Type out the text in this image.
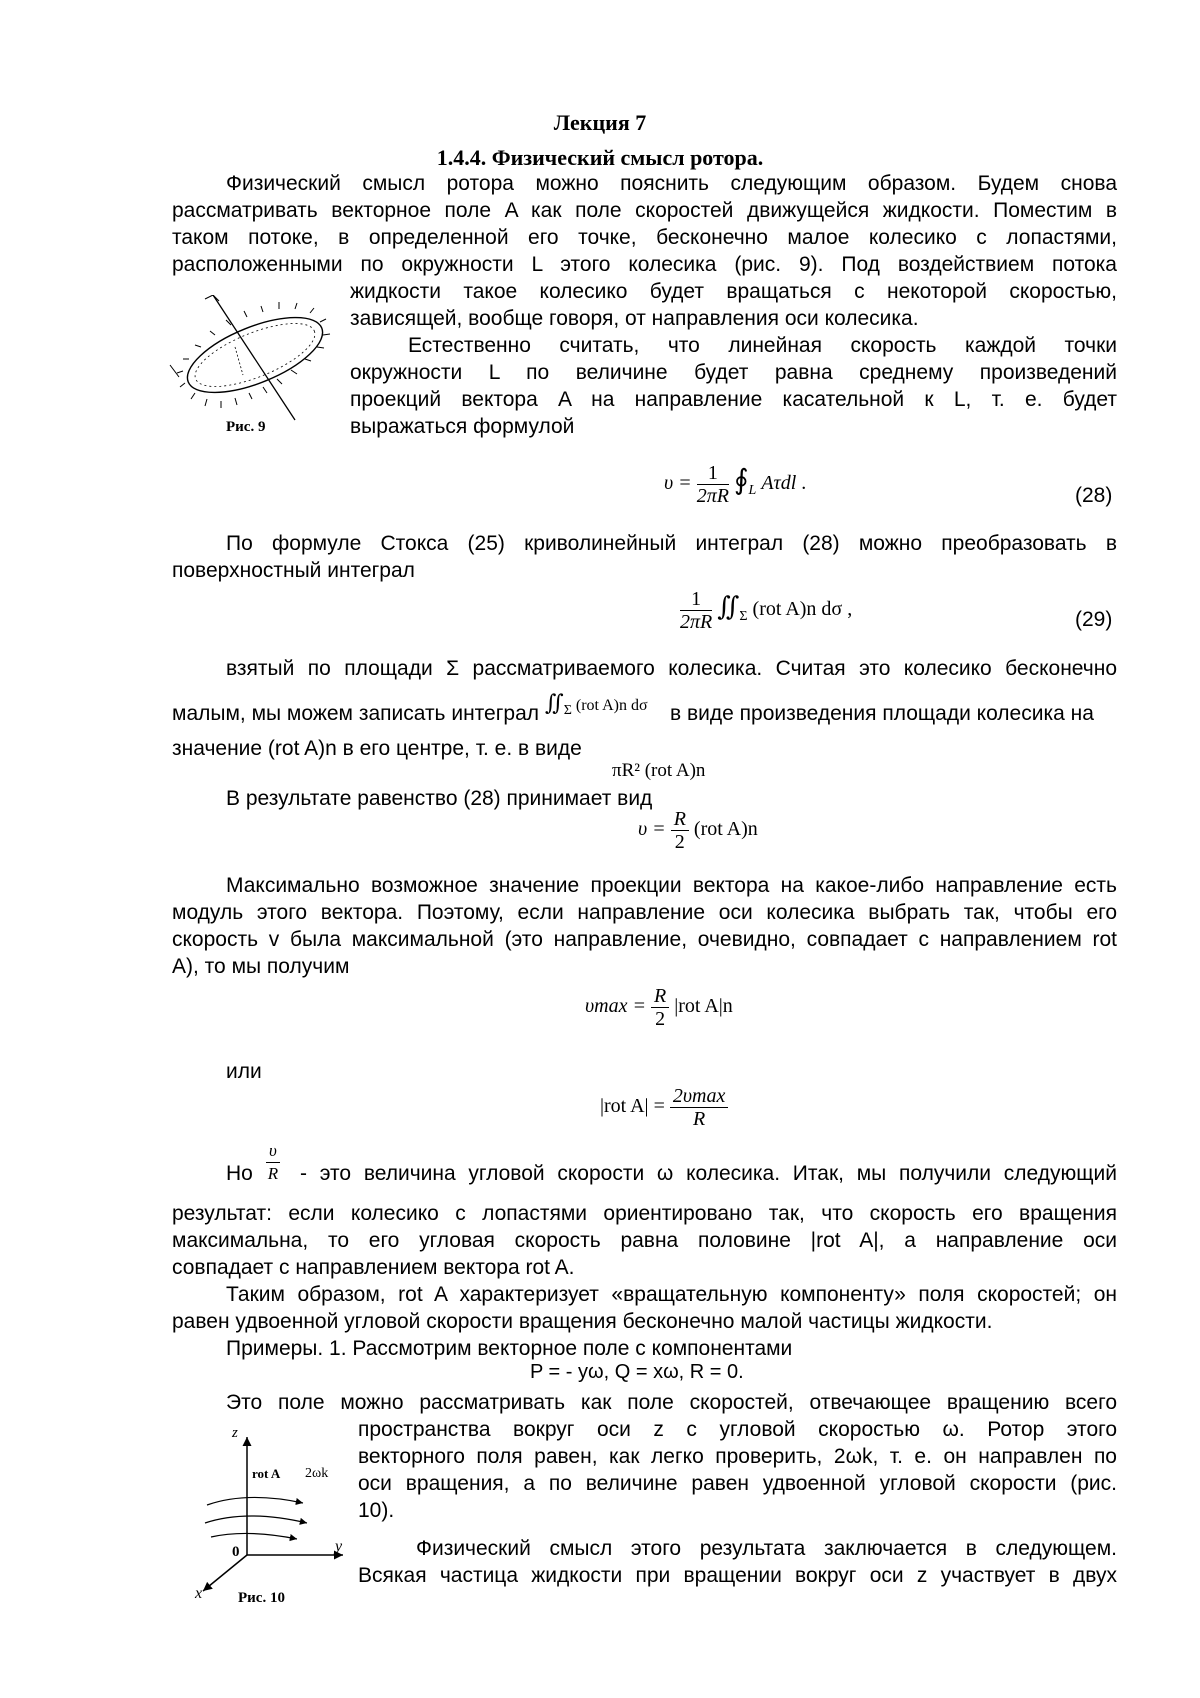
Лекция 7
1.4.4. Физический смысл ротора.
Физический смысл ротора можно пояснить следующим образом. Будем снова
рассматривать векторное поле A как поле скоростей движущейся жидкости. Поместим в
таком потоке, в определенной его точке, бесконечно малое колесико с лопастями,
расположенными по окружности L этого колесика (рис. 9). Под воздействием потока
жидкости такое колесико будет вращаться с некоторой скоростью,
зависящей, вообще говоря, от направления оси колесика.
Рис. 9
Естественно считать, что линейная скорость каждой точки
окружности L по величине будет равна среднему произведений
проекций вектора A на направление касательной к L, т. е. будет
выражаться формулой
$\upsilon = \frac{1}{2\pi R}$ $∮_L$ Aτdl .
(28)
По формуле Стокса (25) криволинейный интеграл (28) можно преобразовать в
поверхностный интеграл
$\frac{1}{2\pi R}$ $∬_\Sigma$ (rot A)n dσ ,	(29)
взятый по площади Σ рассматриваемого колесика. Считая это колесико бесконечно
малым, мы можем записать интеграл $∬_\Sigma$ (rot A)n dσ в виде произведения площади колесика на
значение (rot A)n в его центре, т. е. в виде
πR² (rot A)n
В результате равенство (28) принимает вид
$\upsilon = \frac{R}{2} (rot$ A)n
Максимально возможное значение проекции вектора на какое-либо направление есть
модуль этого вектора. Поэтому, если направление оси колесика выбрать так, чтобы его
скорость v была максимальной (это направление, очевидно, совпадает с направлением rot
A), то мы получим
$\upsilon\max = \frac{R}{2} |rot$ A|n
или
|rot $A| = \frac{2\upsilon\max}{R}$
Но $\frac{\upsilon}{R}$ - это величина угловой скорости ω колесика. Итак, мы получили следующий
результат: если колесико с лопастями ориентировано так, что скорость его вращения
максимальна, то его угловая скорость равна половине |rot A|, а направление оси
совпадает с направлением вектора rot A.
Таким образом, rot A характеризует «вращательную компоненту» поля скоростей; он
равен удвоенной угловой скорости вращения бесконечно малой частицы жидкости.
Примеры. 1. Рассмотрим векторное поле с компонентами
P = - yω, Q = xω, R = 0.
Это поле можно рассматривать как поле скоростей, отвечающее вращению всего
пространства вокруг оси z с угловой скоростью ω. Ротор этого
векторного поля равен, как легко проверить, 2ωk, т. е. он направлен по
оси вращения, а по величине равен удвоенной угловой скорости (рис.
10).
z
y
x
0
rot A 2ωk
Рис. 10
Физический смысл этого результата заключается в следующем.
Всякая частица жидкости при вращении вокруг оси z участвует в двух
